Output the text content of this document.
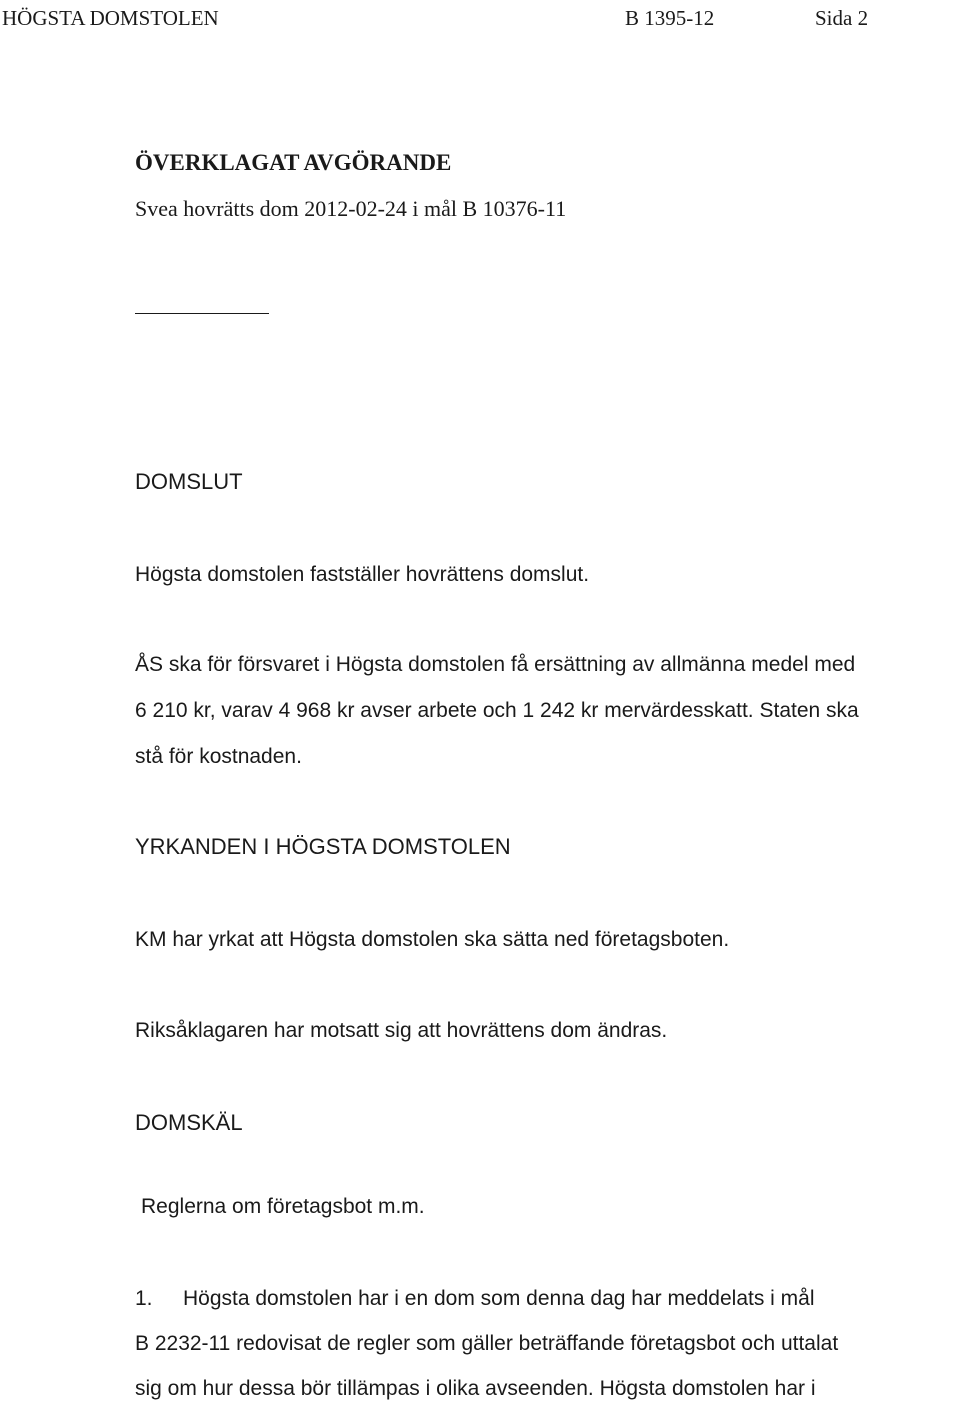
HÖGSTA DOMSTOLEN	B 1395-12	Sida 2
ÖVERKLAGAT AVGÖRANDE
Svea hovrätts dom 2012-02-24 i mål B 10376-11
DOMSLUT
Högsta domstolen fastställer hovrättens domslut.
ÅS ska för försvaret i Högsta domstolen få ersättning av allmänna medel med
6 210 kr, varav 4 968 kr avser arbete och 1 242 kr mervärdesskatt. Staten ska
stå för kostnaden.
YRKANDEN I HÖGSTA DOMSTOLEN
KM har yrkat att Högsta domstolen ska sätta ned företagsboten.
Riksåklagaren har motsatt sig att hovrättens dom ändras.
DOMSKÄL
Reglerna om företagsbot m.m.
1. Högsta domstolen har i en dom som denna dag har meddelats i mål
B 2232-11 redovisat de regler som gäller beträffande företagsbot och uttalat
sig om hur dessa bör tillämpas i olika avseenden. Högsta domstolen har i
